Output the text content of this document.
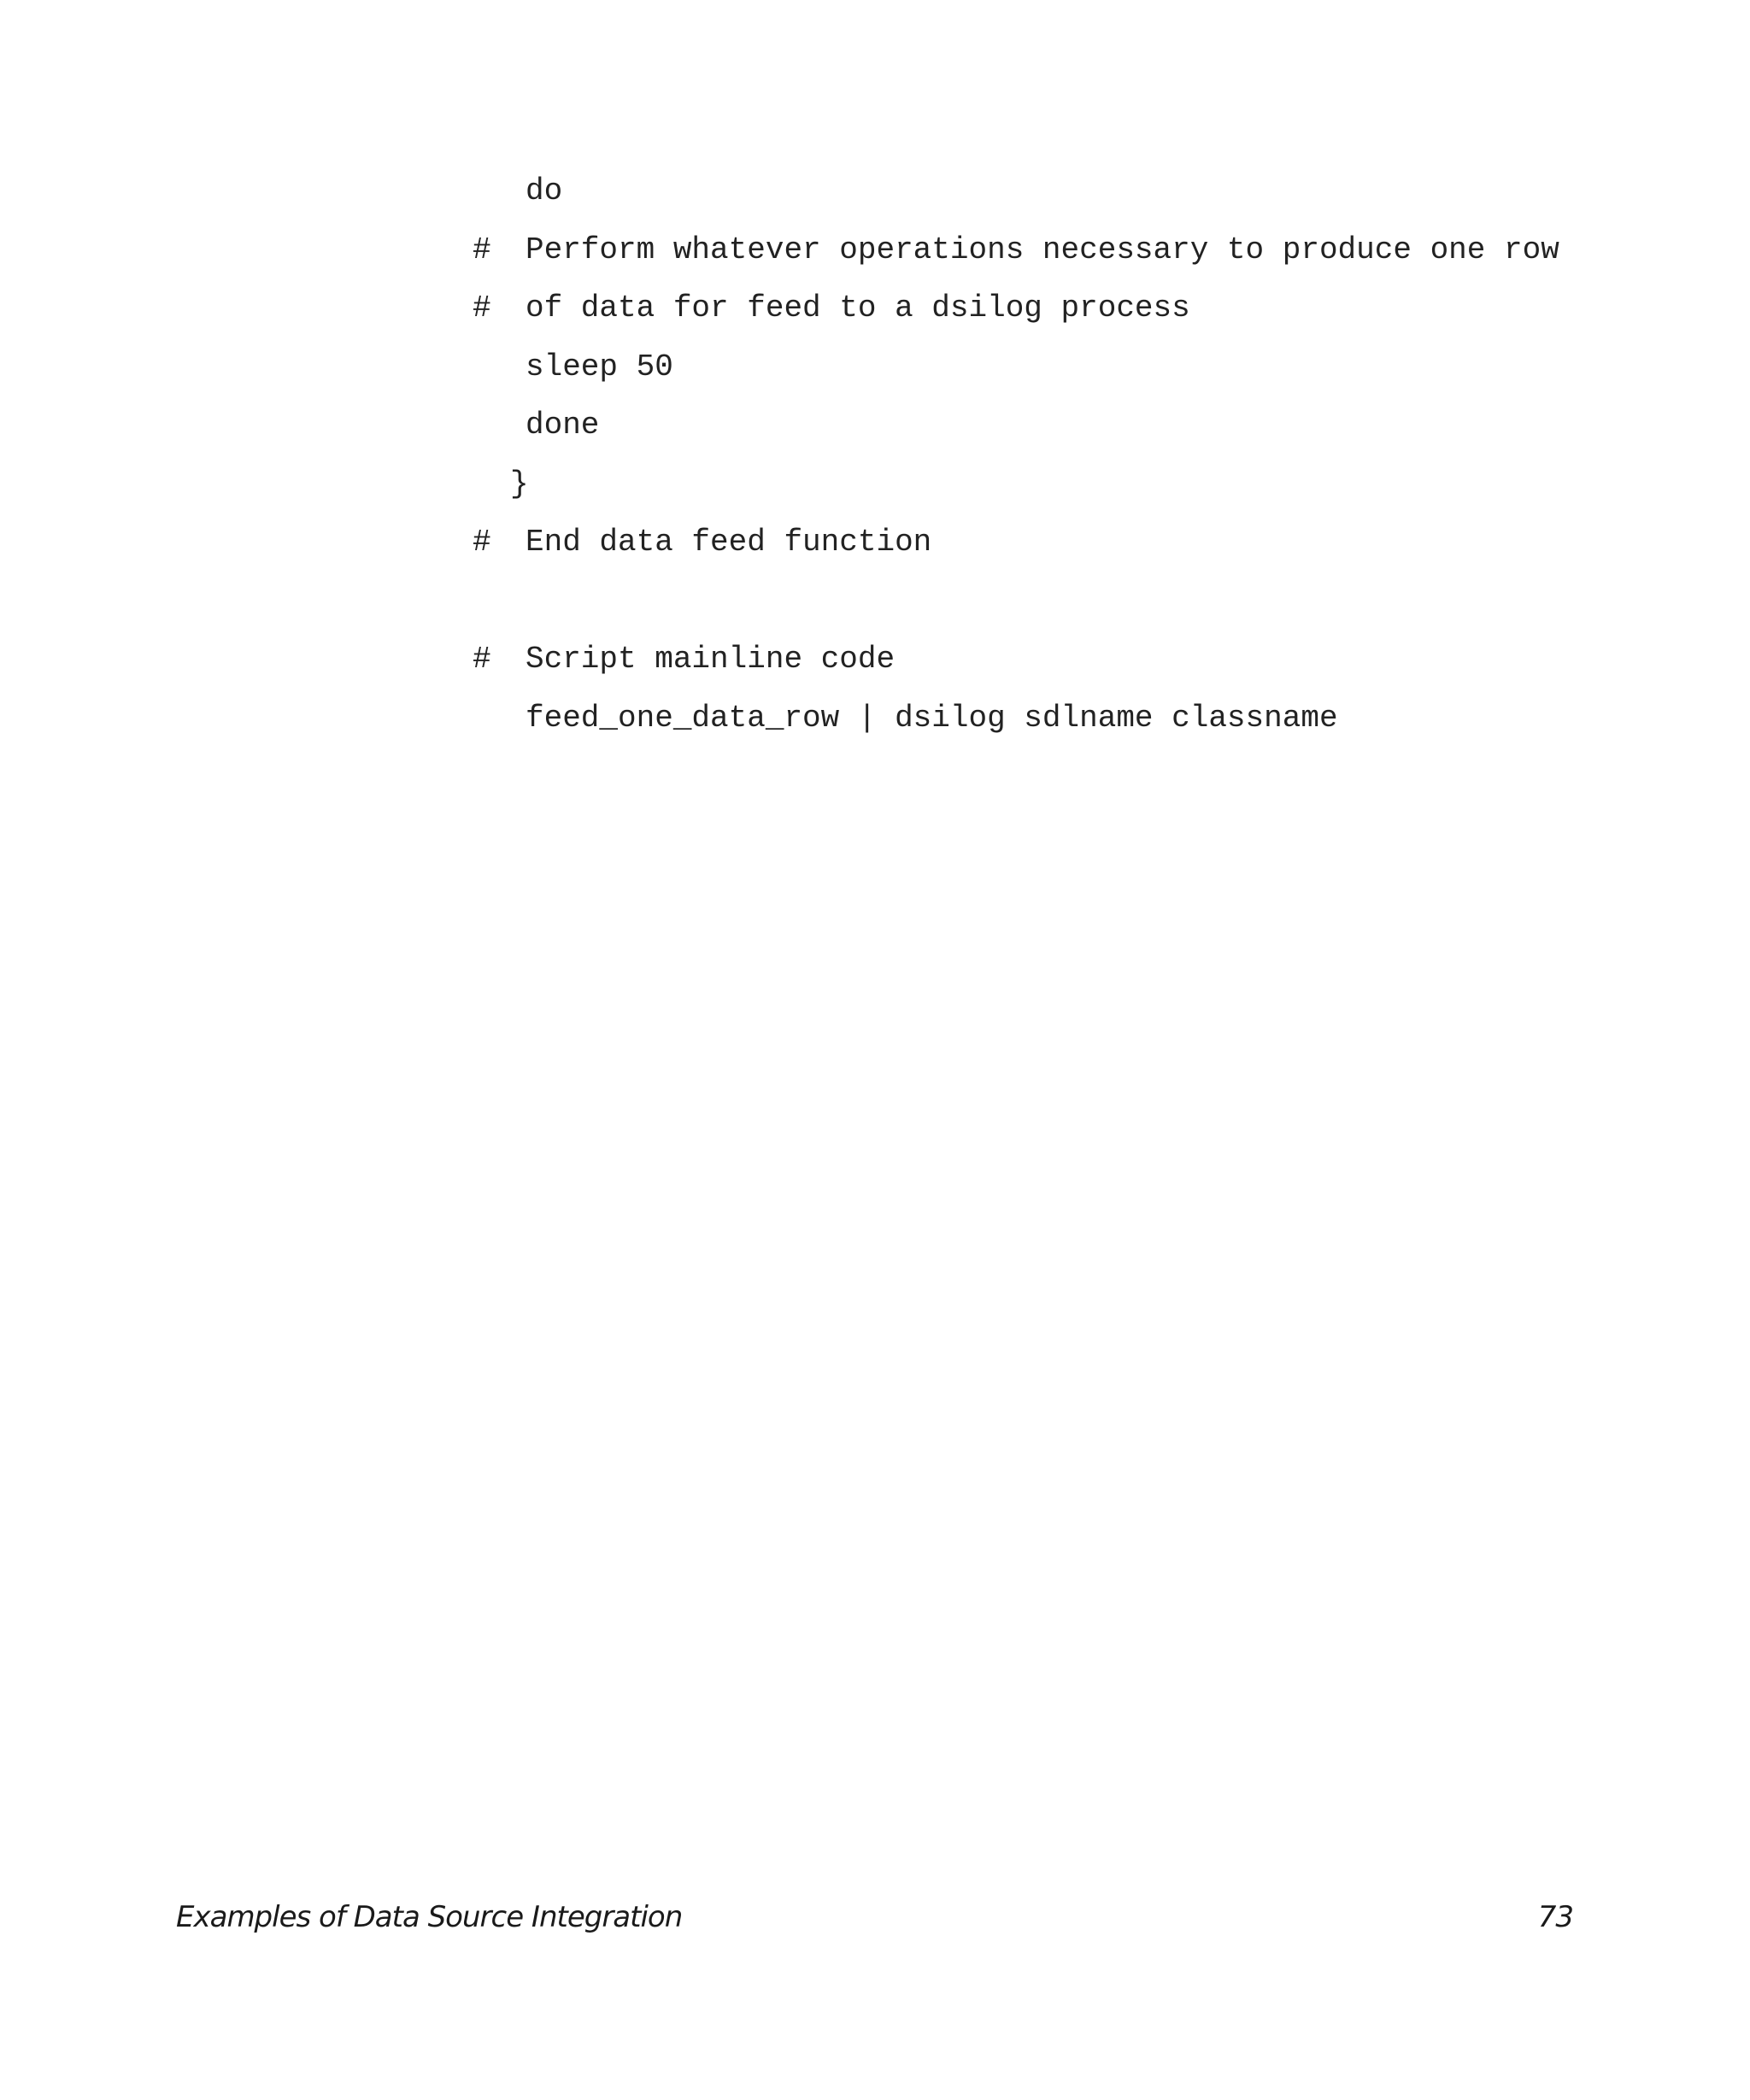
do

#

Perform whatever operations necessary to produce one row

#

of data for feed to a dsilog process

sleep 50

done

}

#

End data feed function

#

Script mainline code

feed_one_data_row | dsilog sdlname classname

Examples of Data Source Integration	73
